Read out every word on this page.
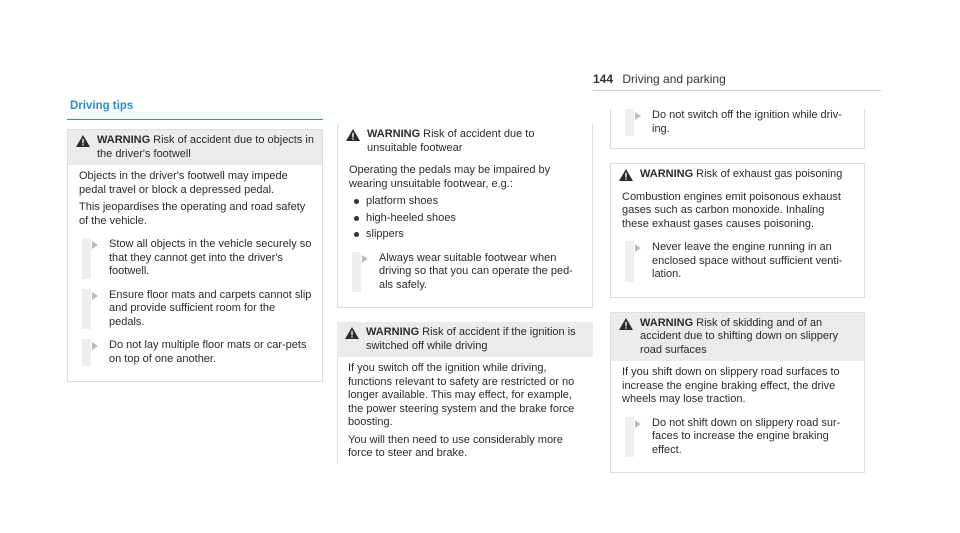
144 Driving and parking
Driving tips
WARNING Risk of accident due to objects in the driver's footwell

Objects in the driver's footwell may impede pedal travel or block a depressed pedal.

This jeopardises the operating and road safety of the vehicle.

Stow all objects in the vehicle securely so that they cannot get into the driver's footwell.
Ensure floor mats and carpets cannot slip and provide sufficient room for the pedals.
Do not lay multiple floor mats or car-pets on top of one another.
WARNING Risk of accident due to unsuitable footwear

Operating the pedals may be impaired by wearing unsuitable footwear, e.g.:

platform shoes
high-heeled shoes
slippers
Always wear suitable footwear when driving so that you can operate the ped-als safely.
WARNING Risk of accident if the ignition is switched off while driving

If you switch off the ignition while driving, functions relevant to safety are restricted or no longer available. This may effect, for example, the power steering system and the brake force boosting.

You will then need to use considerably more force to steer and brake.

Do not switch off the ignition while driv-ing.
WARNING Risk of exhaust gas poisoning

Combustion engines emit poisonous exhaust gases such as carbon monoxide. Inhaling these exhaust gases causes poisoning.

Never leave the engine running in an enclosed space without sufficient venti-lation.
WARNING Risk of skidding and of an accident due to shifting down on slippery road surfaces

If you shift down on slippery road surfaces to increase the engine braking effect, the drive wheels may lose traction.

Do not shift down on slippery road sur-faces to increase the engine braking effect.
